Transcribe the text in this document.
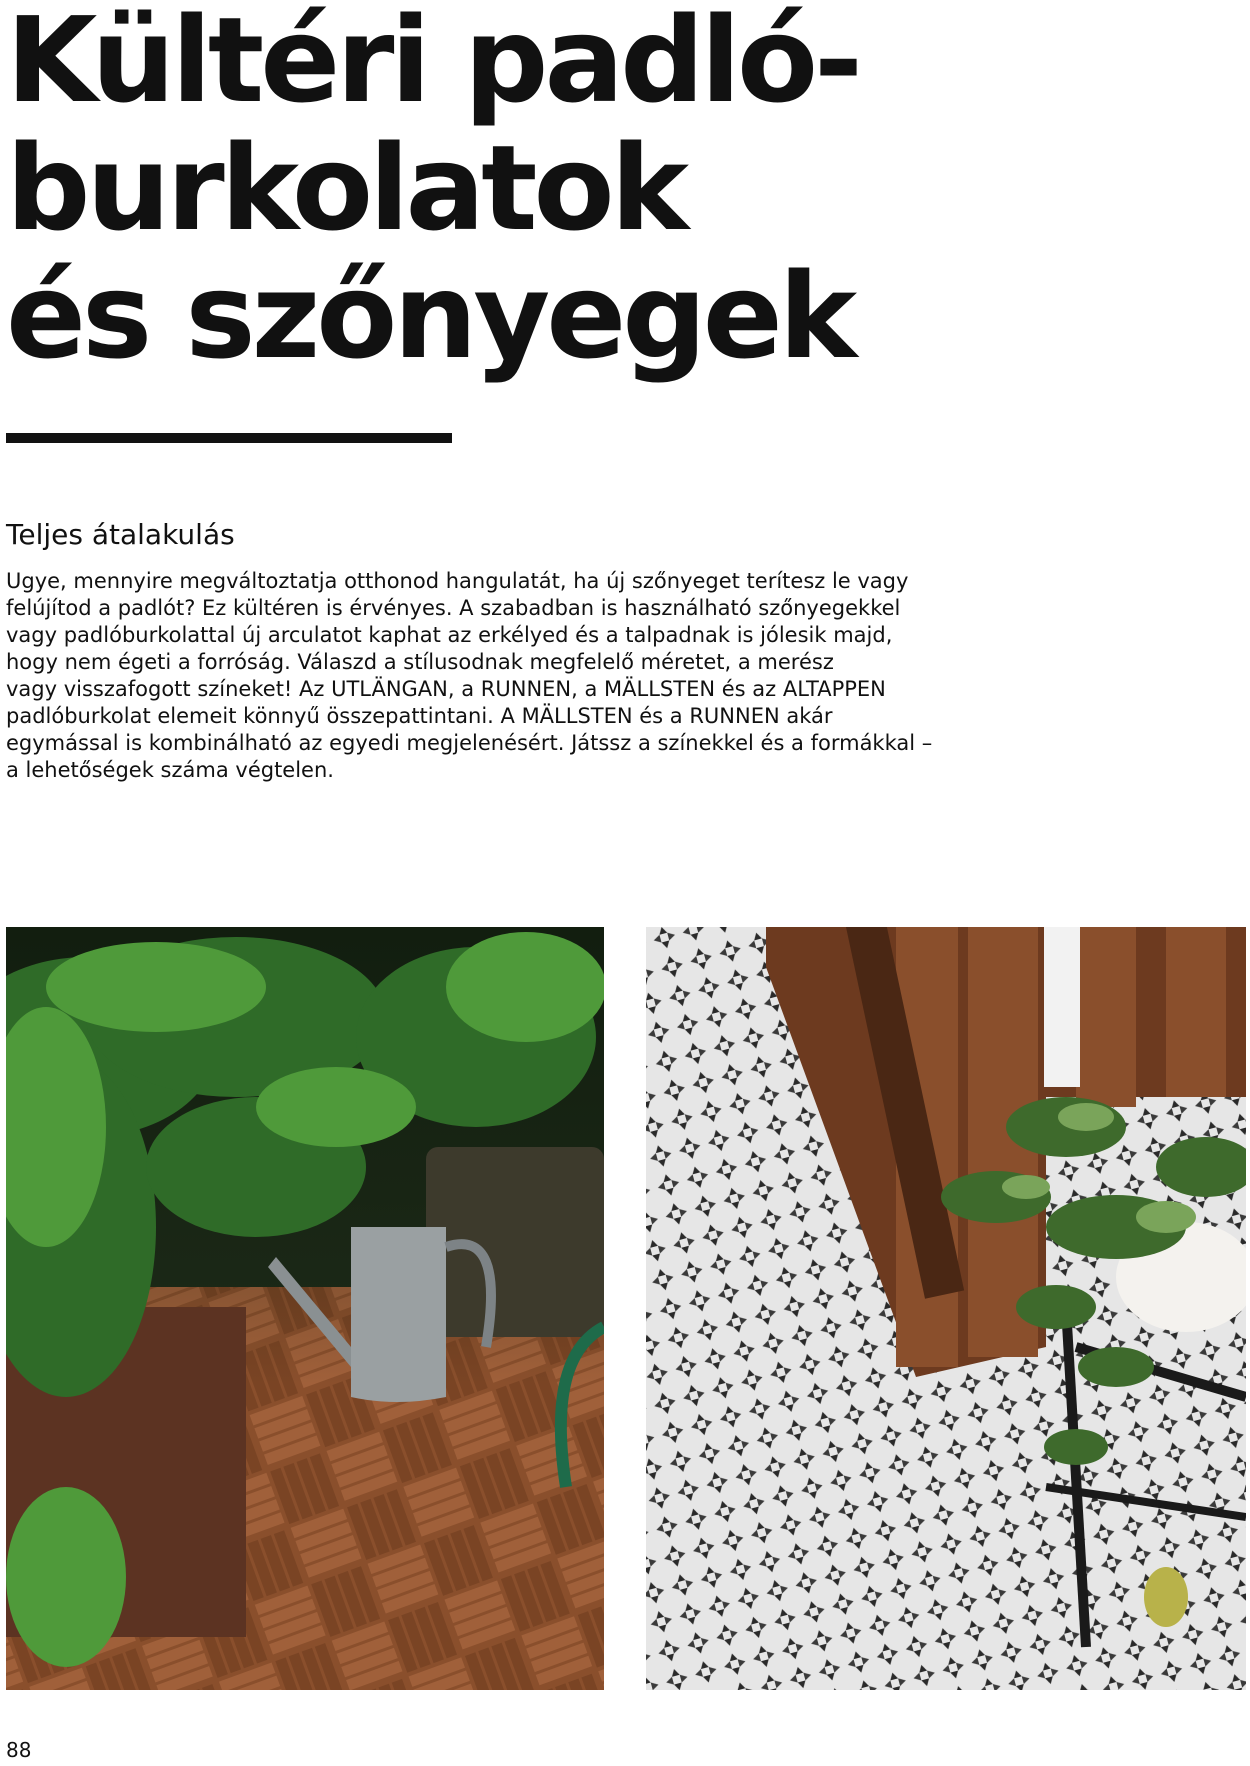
Kültéri padló-
burkolatok
és szőnyegek
Teljes átalakulás

Ugye, mennyire megváltoztatja otthonod hangulatát, ha új szőnyeget terítesz le vagy
felújítod a padlót? Ez kültéren is érvényes. A szabadban is használható szőnyegekkel
vagy padlóburkolattal új arculatot kaphat az erkélyed és a talpadnak is jólesik majd,
hogy nem égeti a forróság. Válaszd a stílusodnak megfelelő méretet, a merész
vagy visszafogott színeket! Az UTLÄNGAN, a RUNNEN, a MÄLLSTEN és az ALTAPPEN
padlóburkolat elemeit könnyű összepattintani. A MÄLLSTEN és a RUNNEN akár
egymással is kombinálható az egyedi megjelenésért. Játssz a színekkel és a formákkal –
a lehetőségek száma végtelen.

88
